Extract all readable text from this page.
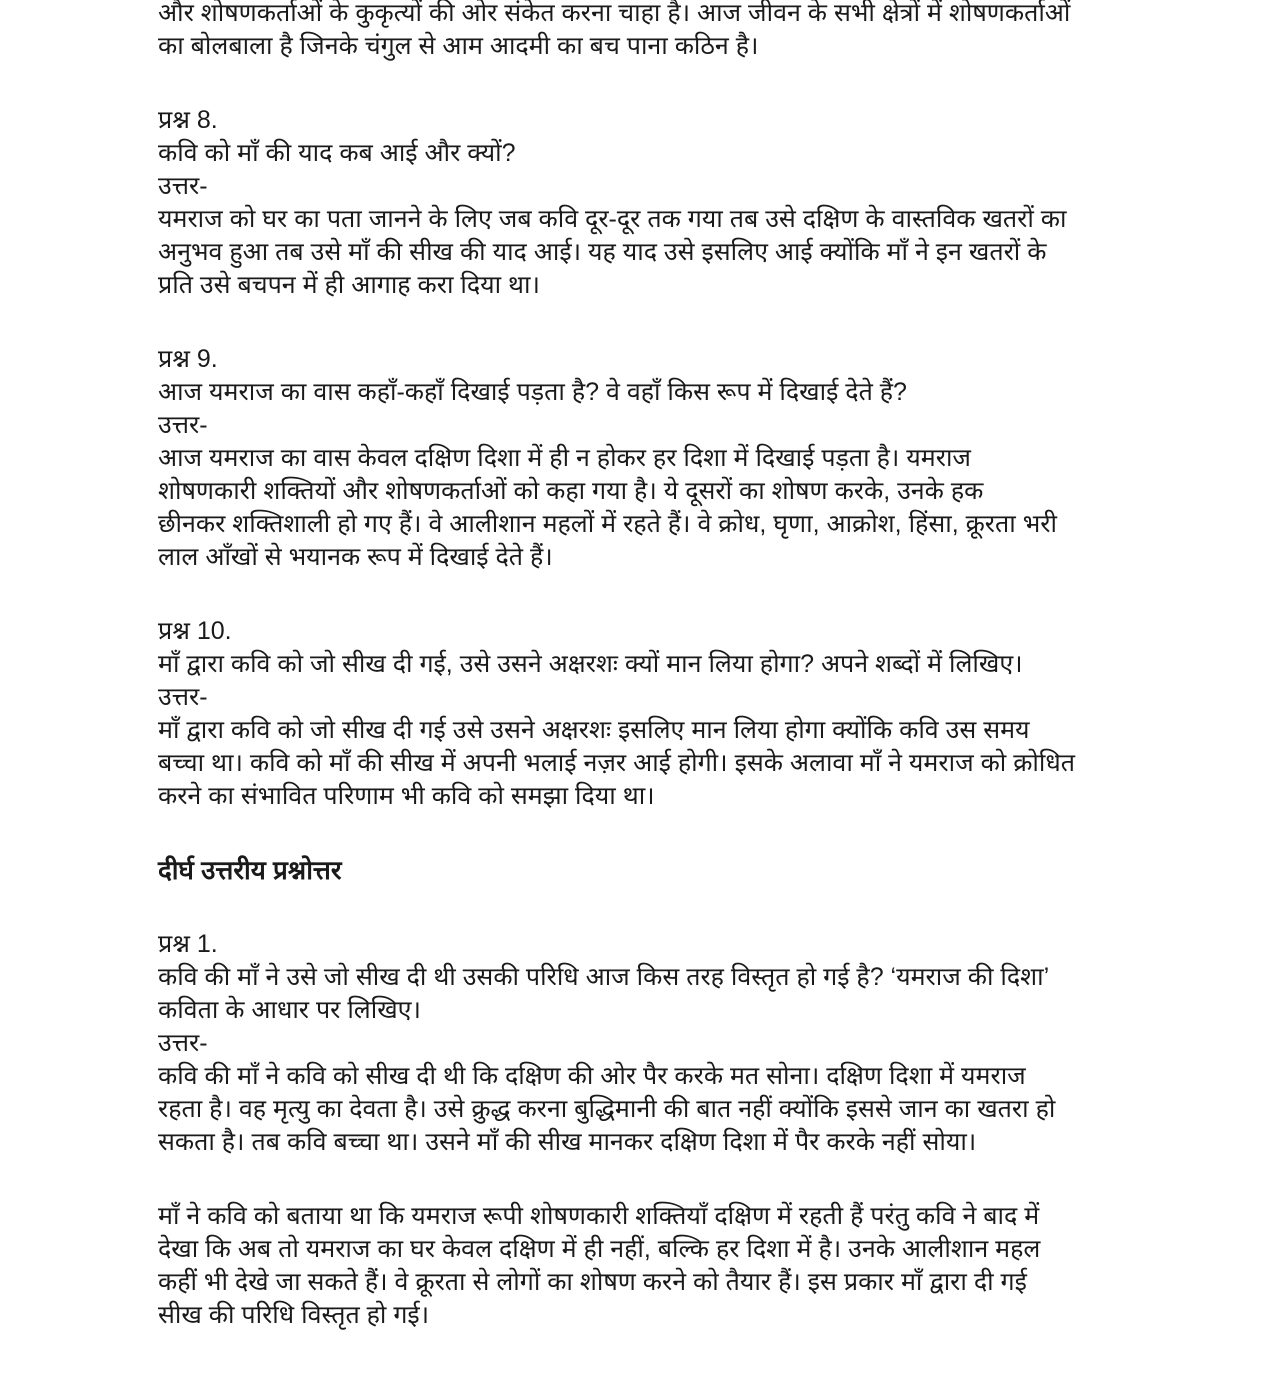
और शोषणकर्ताओं के कुकृत्यों की ओर संकेत करना चाहा है। आज जीवन के सभी क्षेत्रों में शोषणकर्ताओं
का बोलबाला है जिनके चंगुल से आम आदमी का बच पाना कठिन है।
प्रश्न 8.
कवि को माँ की याद कब आई और क्यों?
उत्तर-
यमराज को घर का पता जानने के लिए जब कवि दूर-दूर तक गया तब उसे दक्षिण के वास्तविक खतरों का
अनुभव हुआ तब उसे माँ की सीख की याद आई। यह याद उसे इसलिए आई क्योंकि माँ ने इन खतरों के
प्रति उसे बचपन में ही आगाह करा दिया था।
प्रश्न 9.
आज यमराज का वास कहाँ-कहाँ दिखाई पड़ता है? वे वहाँ किस रूप में दिखाई देते हैं?
उत्तर-
आज यमराज का वास केवल दक्षिण दिशा में ही न होकर हर दिशा में दिखाई पड़ता है। यमराज
शोषणकारी शक्तियों और शोषणकर्ताओं को कहा गया है। ये दूसरों का शोषण करके, उनके हक
छीनकर शक्तिशाली हो गए हैं। वे आलीशान महलों में रहते हैं। वे क्रोध, घृणा, आक्रोश, हिंसा, क्रूरता भरी
लाल आँखों से भयानक रूप में दिखाई देते हैं।
प्रश्न 10.
माँ द्वारा कवि को जो सीख दी गई, उसे उसने अक्षरशः क्यों मान लिया होगा? अपने शब्दों में लिखिए।
उत्तर-
माँ द्वारा कवि को जो सीख दी गई उसे उसने अक्षरशः इसलिए मान लिया होगा क्योंकि कवि उस समय
बच्चा था। कवि को माँ की सीख में अपनी भलाई नज़र आई होगी। इसके अलावा माँ ने यमराज को क्रोधित
करने का संभावित परिणाम भी कवि को समझा दिया था।
दीर्घ उत्तरीय प्रश्नोत्तर
प्रश्न 1.
कवि की माँ ने उसे जो सीख दी थी उसकी परिधि आज किस तरह विस्तृत हो गई है? ‘यमराज की दिशा’
कविता के आधार पर लिखिए।
उत्तर-
कवि की माँ ने कवि को सीख दी थी कि दक्षिण की ओर पैर करके मत सोना। दक्षिण दिशा में यमराज
रहता है। वह मृत्यु का देवता है। उसे क्रुद्ध करना बुद्धिमानी की बात नहीं क्योंकि इससे जान का खतरा हो
सकता है। तब कवि बच्चा था। उसने माँ की सीख मानकर दक्षिण दिशा में पैर करके नहीं सोया।
माँ ने कवि को बताया था कि यमराज रूपी शोषणकारी शक्तियाँ दक्षिण में रहती हैं परंतु कवि ने बाद में
देखा कि अब तो यमराज का घर केवल दक्षिण में ही नहीं, बल्कि हर दिशा में है। उनके आलीशान महल
कहीं भी देखे जा सकते हैं। वे क्रूरता से लोगों का शोषण करने को तैयार हैं। इस प्रकार माँ द्वारा दी गई
सीख की परिधि विस्तृत हो गई।
